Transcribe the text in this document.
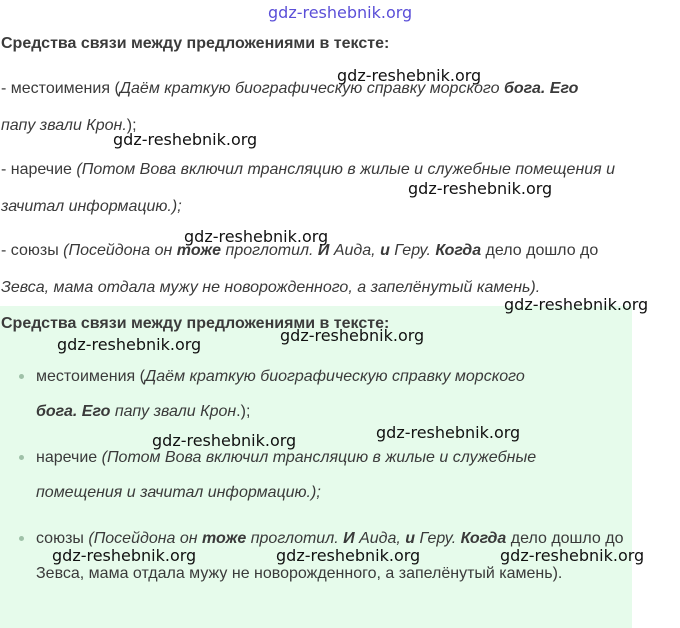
gdz-reshebnik.org
Средства связи между предложениями в тексте:

- местоимения (Даём краткую биографическую справку морского бога. Его
папу звали Крон.);

- наречие (Потом Вова включил трансляцию в жилые и служебные помещения и зачитал информацию.);

- союзы (Посейдона он тоже проглотил. И Аида, и Геру. Когда дело дошло до
Зевса, мама отдала мужу не новорожденного, а запелёнутый камень).

Средства связи между предложениями в тексте:
местоимения (Даём краткую биографическую справку морского
бога. Его папу звали Крон.);
наречие (Потом Вова включил трансляцию в жилые и служебные помещения и зачитал информацию.);
союзы (Посейдона он тоже проглотил. И Аида, и Геру. Когда дело дошло до Зевса, мама отдала мужу не новорожденного, а запелёнутый камень).
gdz-reshebnik.org
gdz-reshebnik.org
gdz-reshebnik.org
gdz-reshebnik.org
gdz-reshebnik.org
gdz-reshebnik.org
gdz-reshebnik.org
gdz-reshebnik.org
gdz-reshebnik.org
gdz-reshebnik.org	gdz-reshebnik.org	gdz-reshebnik.org
